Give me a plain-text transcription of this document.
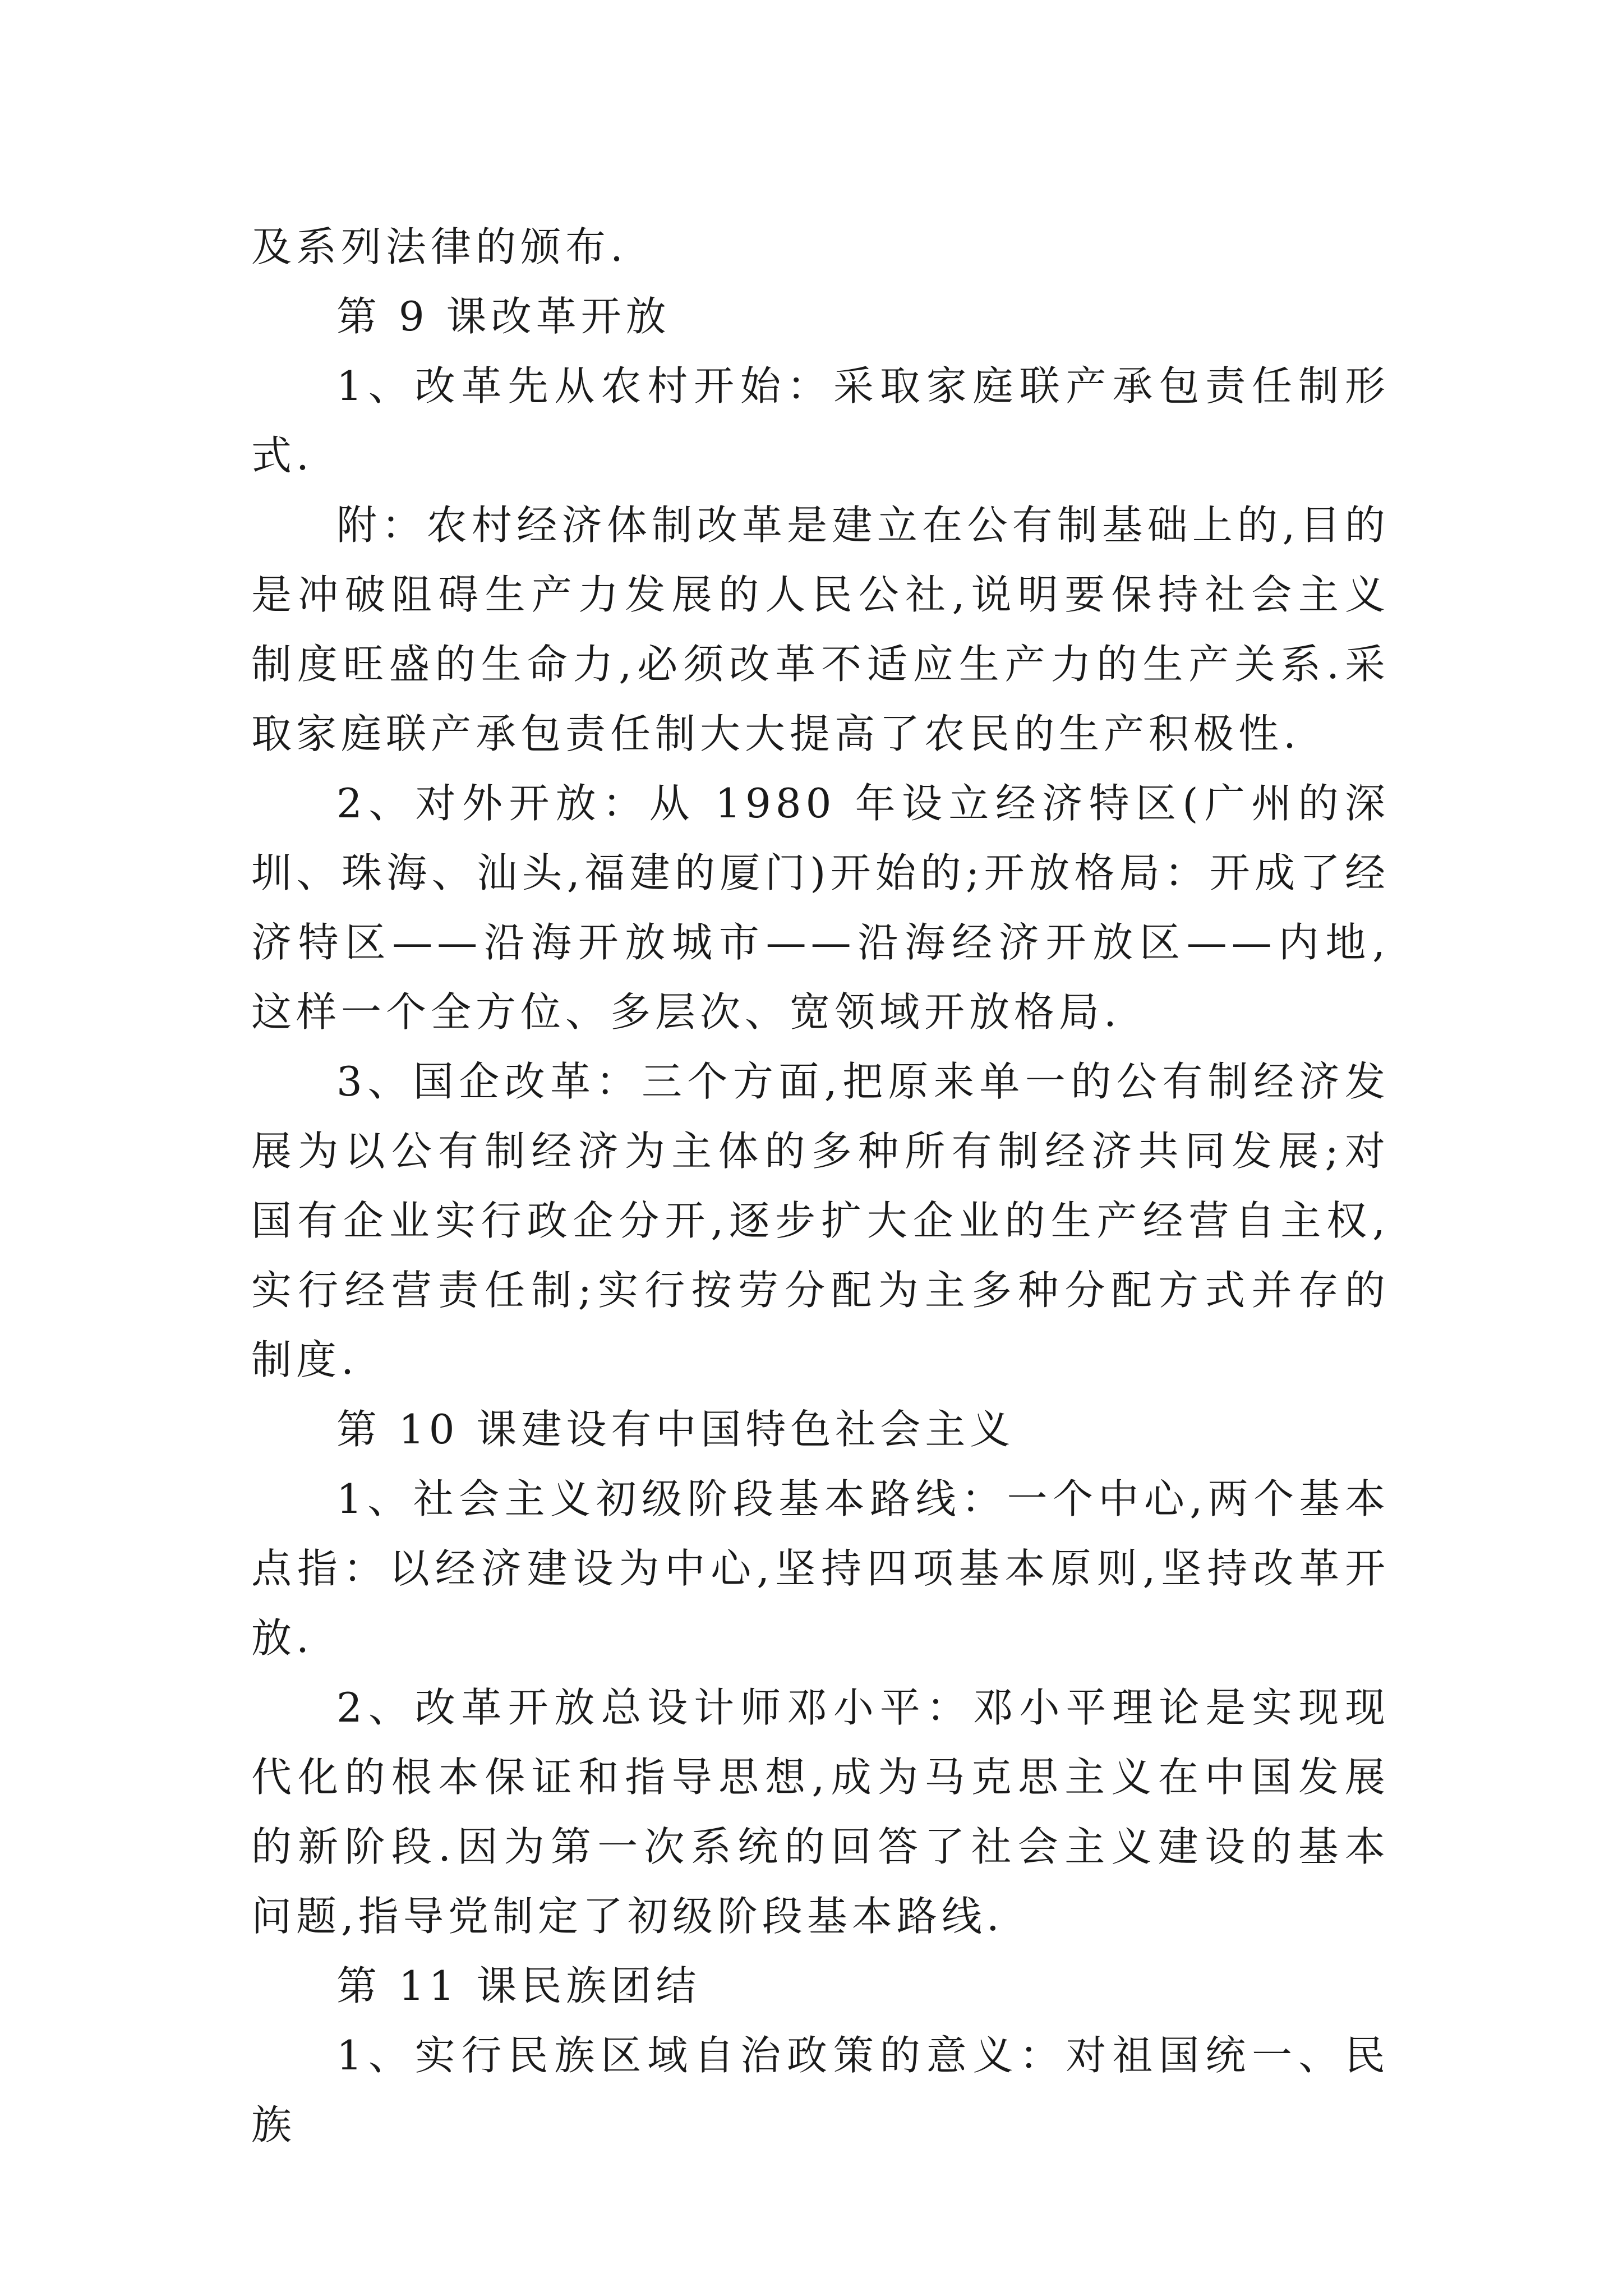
及系列法律的颁布.

第 9 课改革开放

1、改革先从农村开始：采取家庭联产承包责任制形式.

附：农村经济体制改革是建立在公有制基础上的,目的是冲破阻碍生产力发展的人民公社,说明要保持社会主义制度旺盛的生命力,必须改革不适应生产力的生产关系.采取家庭联产承包责任制大大提高了农民的生产积极性.

2、对外开放：从 1980 年设立经济特区(广州的深圳、珠海、汕头,福建的厦门)开始的;开放格局：开成了经济特区——沿海开放城市——沿海经济开放区——内地,这样一个全方位、多层次、宽领域开放格局.

3、国企改革：三个方面,把原来单一的公有制经济发展为以公有制经济为主体的多种所有制经济共同发展;对国有企业实行政企分开,逐步扩大企业的生产经营自主权,实行经营责任制;实行按劳分配为主多种分配方式并存的制度.

第 10 课建设有中国特色社会主义

1、社会主义初级阶段基本路线：一个中心,两个基本点指：以经济建设为中心,坚持四项基本原则,坚持改革开放.

2、改革开放总设计师邓小平：邓小平理论是实现现代化的根本保证和指导思想,成为马克思主义在中国发展的新阶段.因为第一次系统的回答了社会主义建设的基本问题,指导党制定了初级阶段基本路线.

第 11 课民族团结

1、实行民族区域自治政策的意义：对祖国统一、民族
